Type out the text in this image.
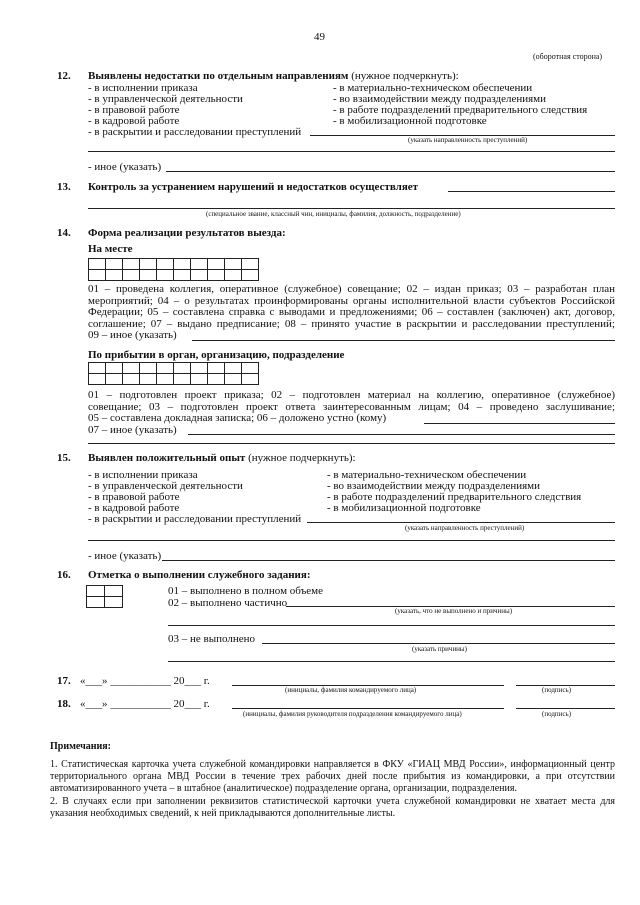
49
(оборотная сторона)
12. Выявлены недостатки по отдельным направлениям (нужное подчеркнуть):
- в исполнении приказа
- в управленческой деятельности
- в правовой работе
- в кадровой работе
- в раскрытии и расследовании преступлений
- в материально-техническом обеспечении
- во взаимодействии между подразделениями
- в работе подразделений предварительного следствия
- в мобилизационной подготовке
(указать направленность преступлений)
- иное (указать)
13. Контроль за устранением нарушений и недостатков осуществляет
(специальное звание, классный чин, инициалы, фамилия, должность, подразделение)
14. Форма реализации результатов выезда:
На месте

01 – проведена коллегия, оперативное (служебное) совещание; 02 – издан приказ; 03 – разработан план
мероприятий; 04 – о результатах проинформированы органы исполнительной власти субъектов Российской
Федерации; 05 – составлена справка с выводами и предложениями; 06 – составлен (заключен) акт, договор,
соглашение; 07 – выдано предписание; 08 – принято участие в раскрытии и расследовании преступлений;
09 – иное (указать)
По прибытии в орган, организацию, подразделение

01 – подготовлен проект приказа; 02 – подготовлен материал на коллегию, оперативное (служебное)
совещание; 03 – подготовлен проект ответа заинтересованным лицам; 04 – проведено заслушивание;
05 – составлена докладная записка; 06 – доложено устно (кому)
07 – иное (указать)
15. Выявлен положительный опыт (нужное подчеркнуть):
- в исполнении приказа
- в управленческой деятельности
- в правовой работе
- в кадровой работе
- в раскрытии и расследовании преступлений
- в материально-техническом обеспечении
- во взаимодействии между подразделениями
- в работе подразделений предварительного следствия
- в мобилизационной подготовке
(указать направленность преступлений)
- иное (указать)
16. Отметка о выполнении служебного задания:

01 – выполнено в полном объеме
02 – выполнено частично
(указать, что не выполнено и причины)
03 – не выполнено
(указать причины)
17. «___» ___________ 20___ г.
(инициалы, фамилия командируемого лица)	(подпись)
18. «___» ___________ 20___ г.
(инициалы, фамилия руководителя подразделения командируемого лица)	(подпись)
Примечания:
1. Статистическая карточка учета служебной командировки направляется в ФКУ «ГИАЦ МВД России», информационный центр территориального органа МВД России в течение трех рабочих дней после прибытия из командировки, а при отсутствии автоматизированного учета – в штабное (аналитическое) подразделение органа, организации, подразделения.
2. В случаях если при заполнении реквизитов статистической карточки учета служебной командировки не хватает места для указания необходимых сведений, к ней прикладываются дополнительные листы.
